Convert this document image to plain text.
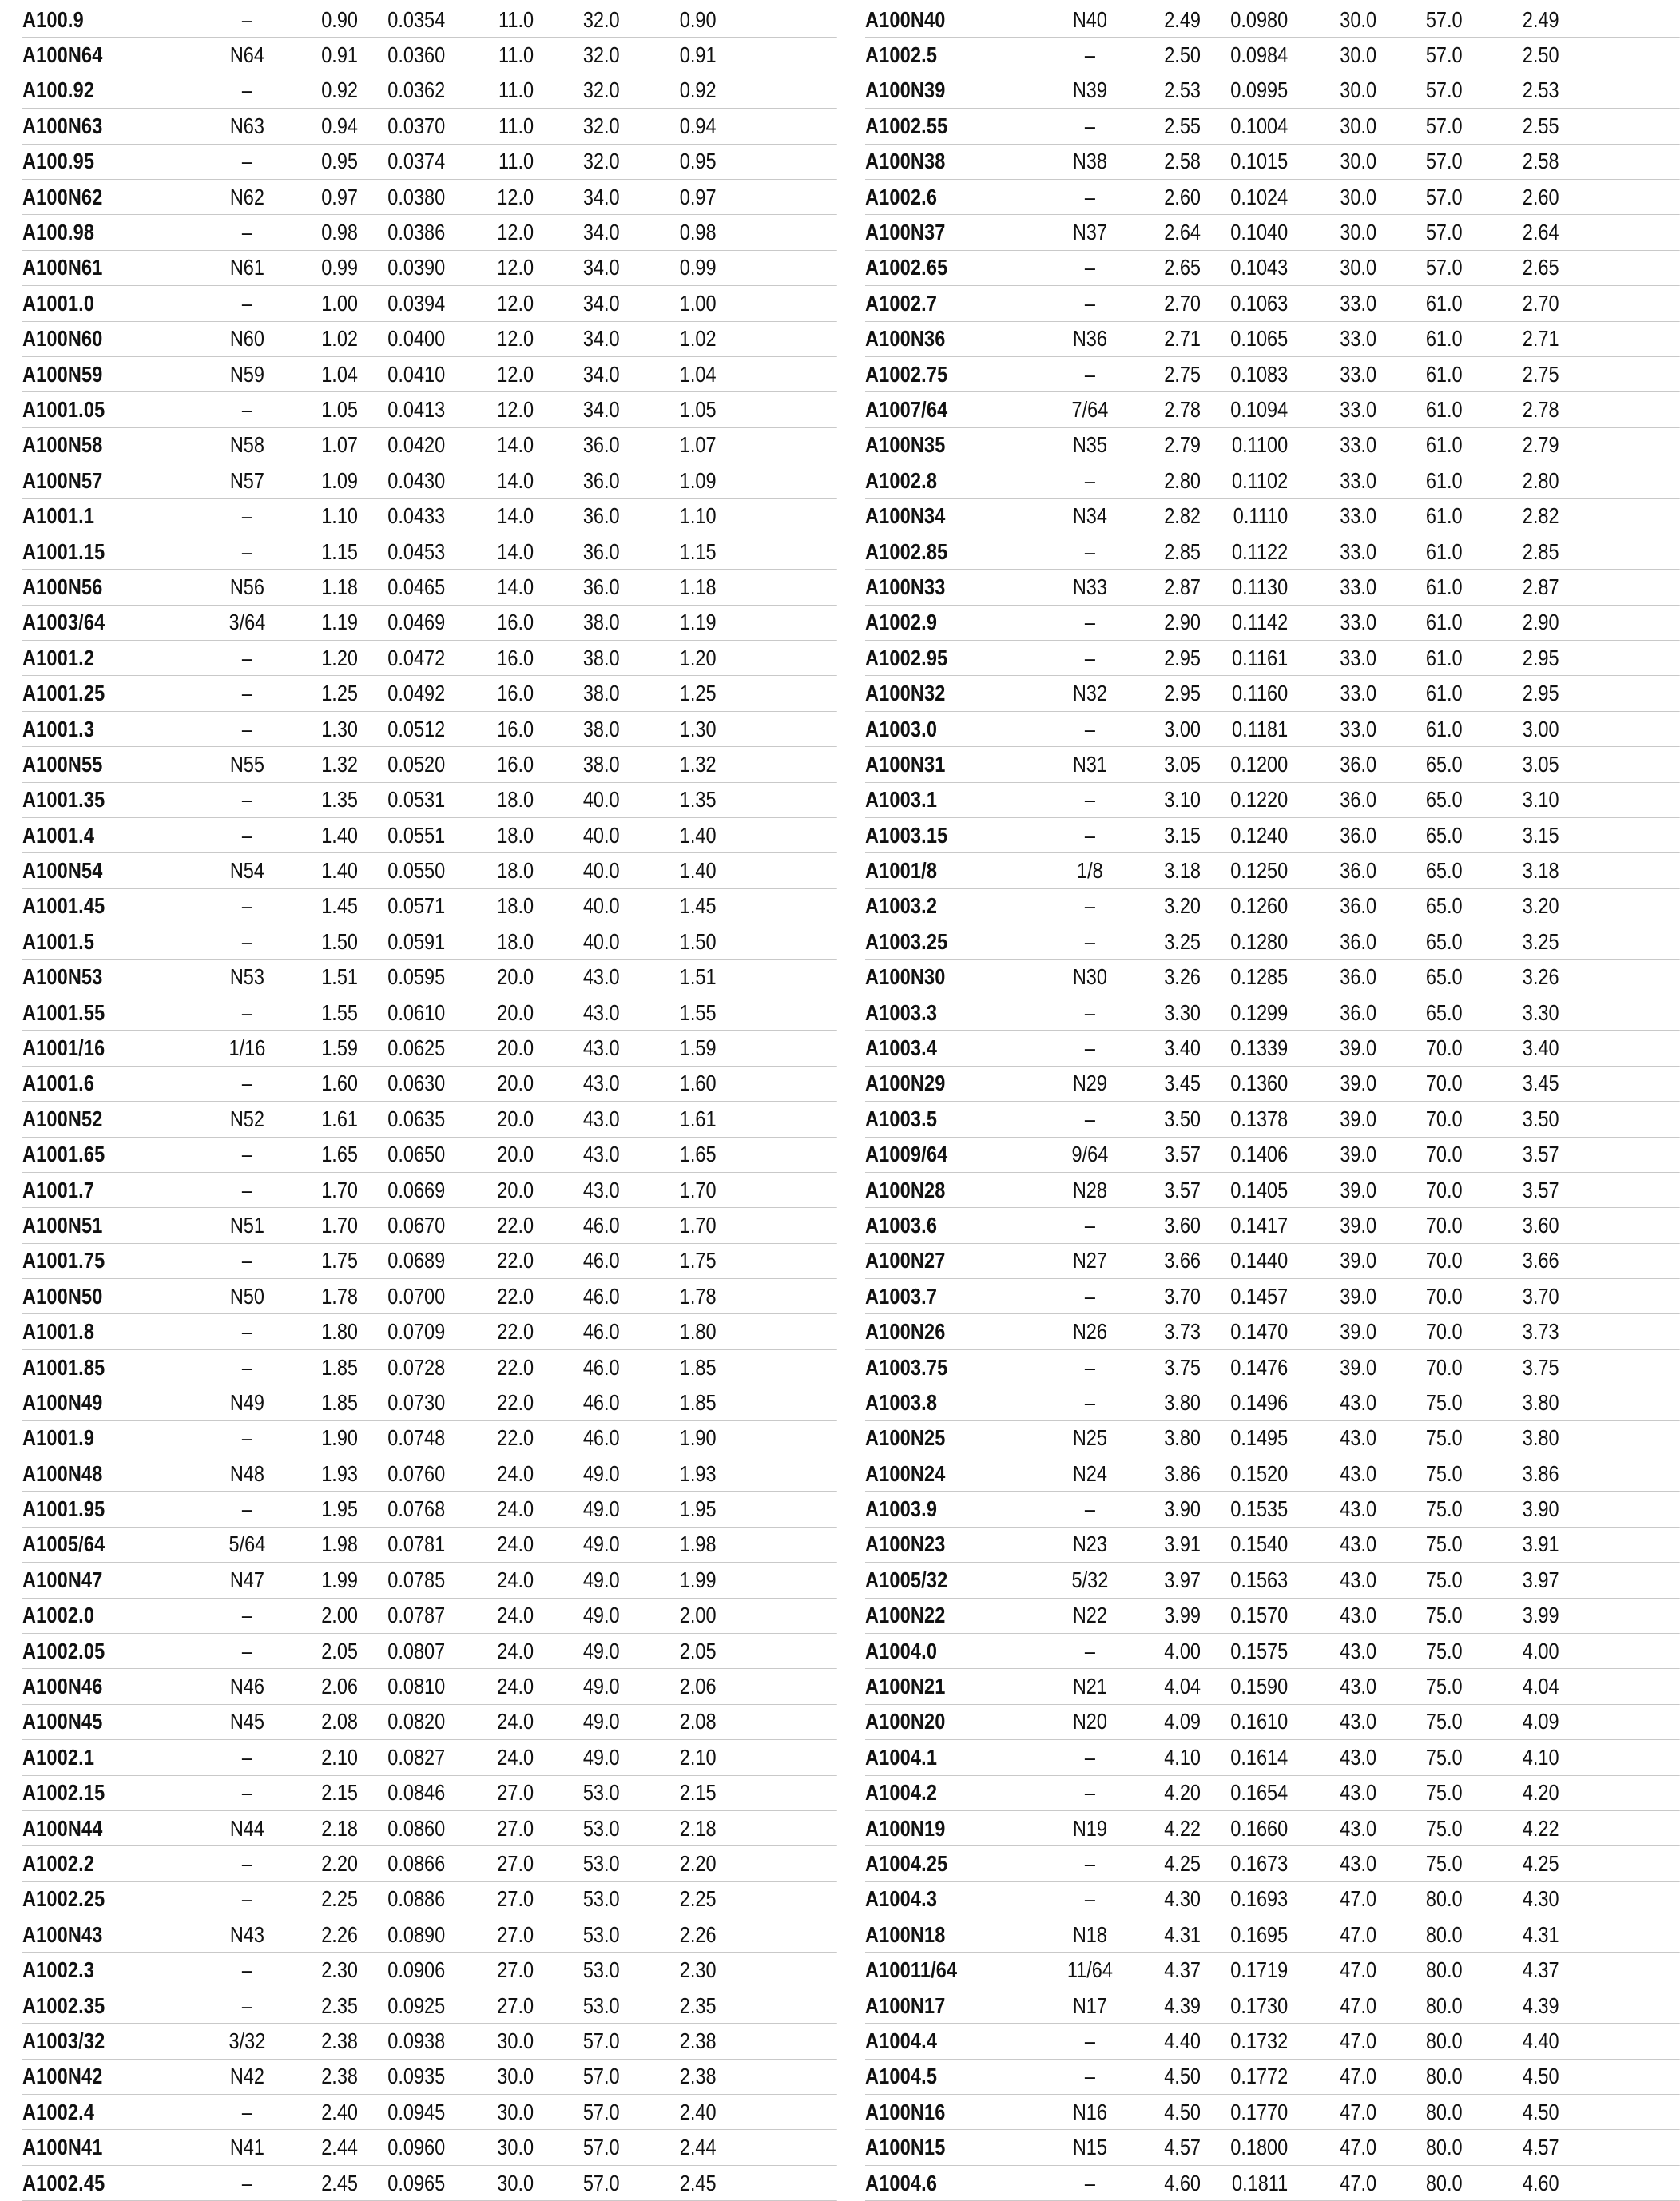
A100.9	–	0.90	0.0354	11.0	32.0	0.90
A100N64	N64	0.91	0.0360	11.0	32.0	0.91
A100.92	–	0.92	0.0362	11.0	32.0	0.92
A100N63	N63	0.94	0.0370	11.0	32.0	0.94
A100.95	–	0.95	0.0374	11.0	32.0	0.95
A100N62	N62	0.97	0.0380	12.0	34.0	0.97
A100.98	–	0.98	0.0386	12.0	34.0	0.98
A100N61	N61	0.99	0.0390	12.0	34.0	0.99
A1001.0	–	1.00	0.0394	12.0	34.0	1.00
A100N60	N60	1.02	0.0400	12.0	34.0	1.02
A100N59	N59	1.04	0.0410	12.0	34.0	1.04
A1001.05	–	1.05	0.0413	12.0	34.0	1.05
A100N58	N58	1.07	0.0420	14.0	36.0	1.07
A100N57	N57	1.09	0.0430	14.0	36.0	1.09
A1001.1	–	1.10	0.0433	14.0	36.0	1.10
A1001.15	–	1.15	0.0453	14.0	36.0	1.15
A100N56	N56	1.18	0.0465	14.0	36.0	1.18
A1003/64	3/64	1.19	0.0469	16.0	38.0	1.19
A1001.2	–	1.20	0.0472	16.0	38.0	1.20
A1001.25	–	1.25	0.0492	16.0	38.0	1.25
A1001.3	–	1.30	0.0512	16.0	38.0	1.30
A100N55	N55	1.32	0.0520	16.0	38.0	1.32
A1001.35	–	1.35	0.0531	18.0	40.0	1.35
A1001.4	–	1.40	0.0551	18.0	40.0	1.40
A100N54	N54	1.40	0.0550	18.0	40.0	1.40
A1001.45	–	1.45	0.0571	18.0	40.0	1.45
A1001.5	–	1.50	0.0591	18.0	40.0	1.50
A100N53	N53	1.51	0.0595	20.0	43.0	1.51
A1001.55	–	1.55	0.0610	20.0	43.0	1.55
A1001/16	1/16	1.59	0.0625	20.0	43.0	1.59
A1001.6	–	1.60	0.0630	20.0	43.0	1.60
A100N52	N52	1.61	0.0635	20.0	43.0	1.61
A1001.65	–	1.65	0.0650	20.0	43.0	1.65
A1001.7	–	1.70	0.0669	20.0	43.0	1.70
A100N51	N51	1.70	0.0670	22.0	46.0	1.70
A1001.75	–	1.75	0.0689	22.0	46.0	1.75
A100N50	N50	1.78	0.0700	22.0	46.0	1.78
A1001.8	–	1.80	0.0709	22.0	46.0	1.80
A1001.85	–	1.85	0.0728	22.0	46.0	1.85
A100N49	N49	1.85	0.0730	22.0	46.0	1.85
A1001.9	–	1.90	0.0748	22.0	46.0	1.90
A100N48	N48	1.93	0.0760	24.0	49.0	1.93
A1001.95	–	1.95	0.0768	24.0	49.0	1.95
A1005/64	5/64	1.98	0.0781	24.0	49.0	1.98
A100N47	N47	1.99	0.0785	24.0	49.0	1.99
A1002.0	–	2.00	0.0787	24.0	49.0	2.00
A1002.05	–	2.05	0.0807	24.0	49.0	2.05
A100N46	N46	2.06	0.0810	24.0	49.0	2.06
A100N45	N45	2.08	0.0820	24.0	49.0	2.08
A1002.1	–	2.10	0.0827	24.0	49.0	2.10
A1002.15	–	2.15	0.0846	27.0	53.0	2.15
A100N44	N44	2.18	0.0860	27.0	53.0	2.18
A1002.2	–	2.20	0.0866	27.0	53.0	2.20
A1002.25	–	2.25	0.0886	27.0	53.0	2.25
A100N43	N43	2.26	0.0890	27.0	53.0	2.26
A1002.3	–	2.30	0.0906	27.0	53.0	2.30
A1002.35	–	2.35	0.0925	27.0	53.0	2.35
A1003/32	3/32	2.38	0.0938	30.0	57.0	2.38
A100N42	N42	2.38	0.0935	30.0	57.0	2.38
A1002.4	–	2.40	0.0945	30.0	57.0	2.40
A100N41	N41	2.44	0.0960	30.0	57.0	2.44
A1002.45	–	2.45	0.0965	30.0	57.0	2.45
A100N40	N40	2.49	0.0980	30.0	57.0	2.49
A1002.5	–	2.50	0.0984	30.0	57.0	2.50
A100N39	N39	2.53	0.0995	30.0	57.0	2.53
A1002.55	–	2.55	0.1004	30.0	57.0	2.55
A100N38	N38	2.58	0.1015	30.0	57.0	2.58
A1002.6	–	2.60	0.1024	30.0	57.0	2.60
A100N37	N37	2.64	0.1040	30.0	57.0	2.64
A1002.65	–	2.65	0.1043	30.0	57.0	2.65
A1002.7	–	2.70	0.1063	33.0	61.0	2.70
A100N36	N36	2.71	0.1065	33.0	61.0	2.71
A1002.75	–	2.75	0.1083	33.0	61.0	2.75
A1007/64	7/64	2.78	0.1094	33.0	61.0	2.78
A100N35	N35	2.79	0.1100	33.0	61.0	2.79
A1002.8	–	2.80	0.1102	33.0	61.0	2.80
A100N34	N34	2.82	0.1110	33.0	61.0	2.82
A1002.85	–	2.85	0.1122	33.0	61.0	2.85
A100N33	N33	2.87	0.1130	33.0	61.0	2.87
A1002.9	–	2.90	0.1142	33.0	61.0	2.90
A1002.95	–	2.95	0.1161	33.0	61.0	2.95
A100N32	N32	2.95	0.1160	33.0	61.0	2.95
A1003.0	–	3.00	0.1181	33.0	61.0	3.00
A100N31	N31	3.05	0.1200	36.0	65.0	3.05
A1003.1	–	3.10	0.1220	36.0	65.0	3.10
A1003.15	–	3.15	0.1240	36.0	65.0	3.15
A1001/8	1/8	3.18	0.1250	36.0	65.0	3.18
A1003.2	–	3.20	0.1260	36.0	65.0	3.20
A1003.25	–	3.25	0.1280	36.0	65.0	3.25
A100N30	N30	3.26	0.1285	36.0	65.0	3.26
A1003.3	–	3.30	0.1299	36.0	65.0	3.30
A1003.4	–	3.40	0.1339	39.0	70.0	3.40
A100N29	N29	3.45	0.1360	39.0	70.0	3.45
A1003.5	–	3.50	0.1378	39.0	70.0	3.50
A1009/64	9/64	3.57	0.1406	39.0	70.0	3.57
A100N28	N28	3.57	0.1405	39.0	70.0	3.57
A1003.6	–	3.60	0.1417	39.0	70.0	3.60
A100N27	N27	3.66	0.1440	39.0	70.0	3.66
A1003.7	–	3.70	0.1457	39.0	70.0	3.70
A100N26	N26	3.73	0.1470	39.0	70.0	3.73
A1003.75	–	3.75	0.1476	39.0	70.0	3.75
A1003.8	–	3.80	0.1496	43.0	75.0	3.80
A100N25	N25	3.80	0.1495	43.0	75.0	3.80
A100N24	N24	3.86	0.1520	43.0	75.0	3.86
A1003.9	–	3.90	0.1535	43.0	75.0	3.90
A100N23	N23	3.91	0.1540	43.0	75.0	3.91
A1005/32	5/32	3.97	0.1563	43.0	75.0	3.97
A100N22	N22	3.99	0.1570	43.0	75.0	3.99
A1004.0	–	4.00	0.1575	43.0	75.0	4.00
A100N21	N21	4.04	0.1590	43.0	75.0	4.04
A100N20	N20	4.09	0.1610	43.0	75.0	4.09
A1004.1	–	4.10	0.1614	43.0	75.0	4.10
A1004.2	–	4.20	0.1654	43.0	75.0	4.20
A100N19	N19	4.22	0.1660	43.0	75.0	4.22
A1004.25	–	4.25	0.1673	43.0	75.0	4.25
A1004.3	–	4.30	0.1693	47.0	80.0	4.30
A100N18	N18	4.31	0.1695	47.0	80.0	4.31
A10011/64	11/64	4.37	0.1719	47.0	80.0	4.37
A100N17	N17	4.39	0.1730	47.0	80.0	4.39
A1004.4	–	4.40	0.1732	47.0	80.0	4.40
A1004.5	–	4.50	0.1772	47.0	80.0	4.50
A100N16	N16	4.50	0.1770	47.0	80.0	4.50
A100N15	N15	4.57	0.1800	47.0	80.0	4.57
A1004.6	–	4.60	0.1811	47.0	80.0	4.60
